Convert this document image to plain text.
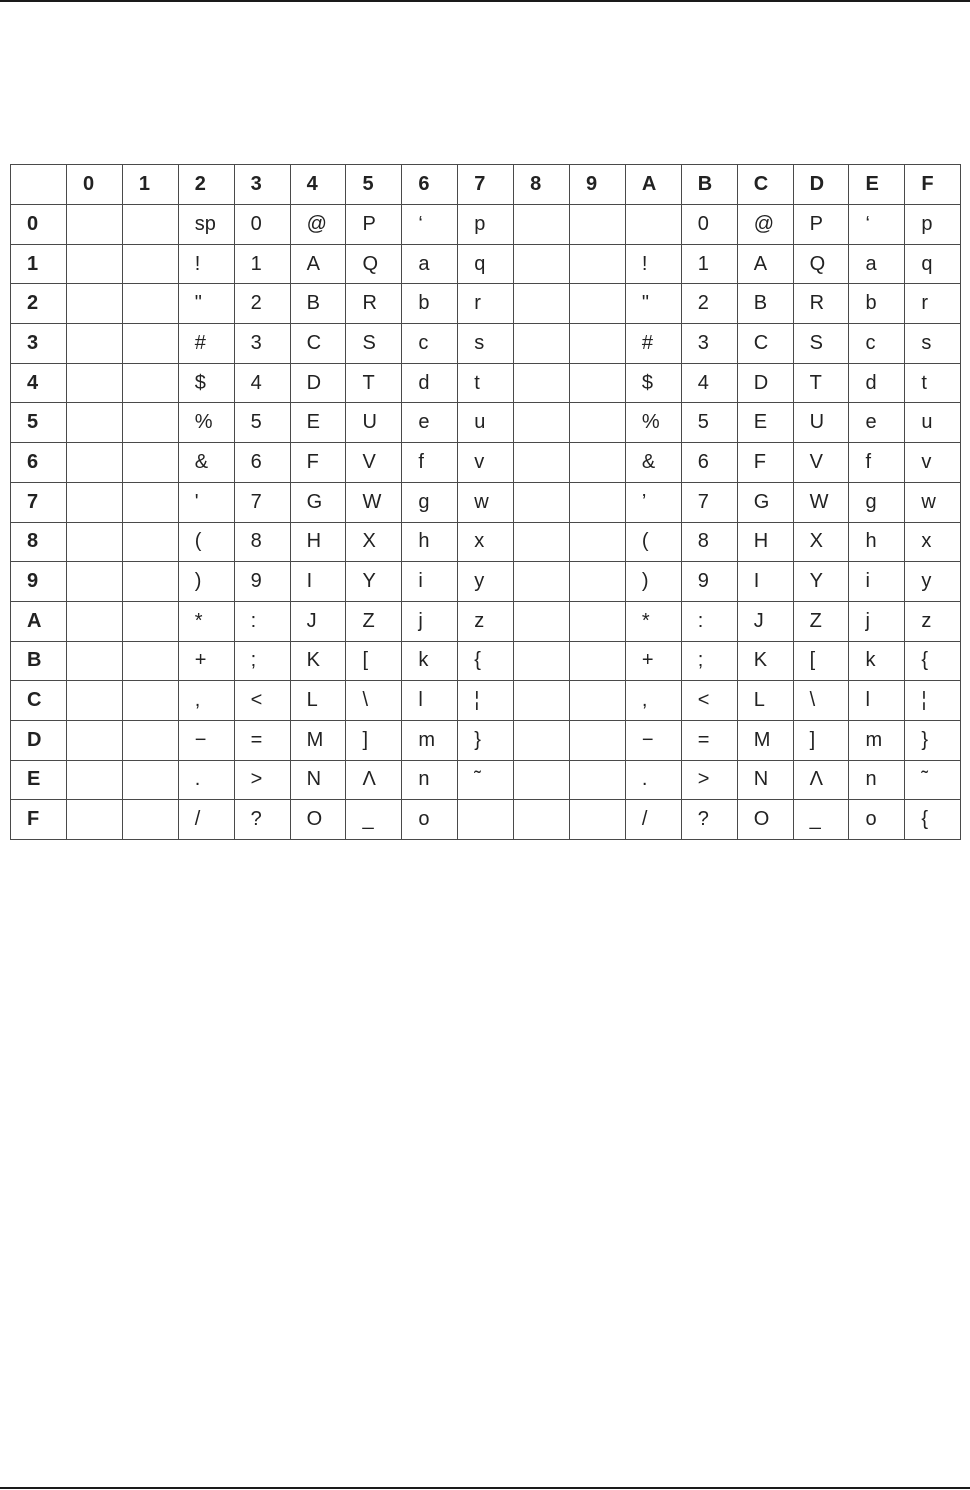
	0	1	2	3	4	5	6	7	8	9	A	B	C	D	E	F
0			sp	0	@	P	‘	p				0	@	P	‘	p
1			!	1	A	Q	a	q			!	1	A	Q	a	q
2			"	2	B	R	b	r			"	2	B	R	b	r
3			#	3	C	S	c	s			#	3	C	S	c	s
4			$	4	D	T	d	t			$	4	D	T	d	t
5			%	5	E	U	e	u			%	5	E	U	e	u
6			&	6	F	V	f	v			&	6	F	V	f	v
7			'	7	G	W	g	w			’	7	G	W	g	w
8			(	8	H	X	h	x			(	8	H	X	h	x
9			)	9	I	Y	i	y			)	9	I	Y	i	y
A			*	:	J	Z	j	z			*	:	J	Z	j	z
B			+	;	K	[	k	{			+	;	K	[	k	{
C			,	<	L	\	l	¦			,	<	L	\	l	¦
D			−	=	M	]	m	}			−	=	M	]	m	}
E			.	>	N	Λ	n	˜			.	>	N	Λ	n	˜
F			/	?	O	_	o				/	?	O	_	o	{
